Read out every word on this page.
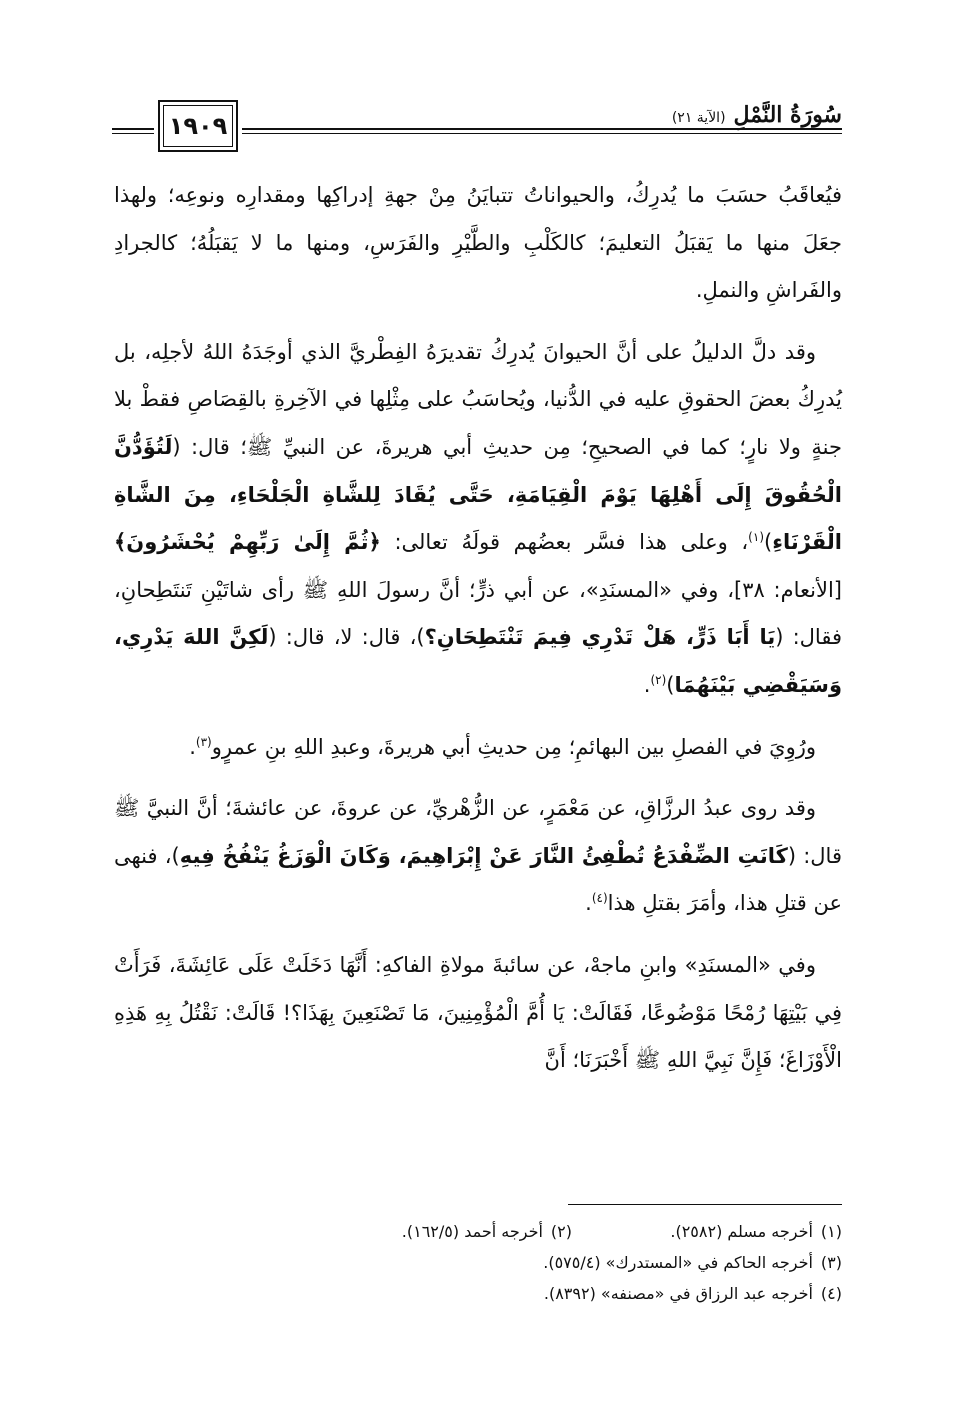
١٩٠٩	سُورَةُ النَّمْلِ
(الآية ٢١)

فيُعاقَبُ حسَبَ ما يُدرِكُ، والحيواناتُ تتبايَنُ مِنْ جهةِ إدراكِها ومقدارِه ونوعِه؛ ولهذا جعَلَ منها ما يَقبَلُ التعليمَ؛ كالكَلْبِ والطَّيْرِ والفَرَسِ، ومنها ما لا يَقبَلُهُ؛ كالجرادِ والفَراشِ والنملِ.

وقد دلَّ الدليلُ على أنَّ الحيوانَ يُدرِكُ تقديرَهُ الفِطْريَّ الذي أوجَدَهُ اللهُ لأجلِه، بل يُدرِكُ بعضَ الحقوقِ عليه في الدُّنيا، ويُحاسَبُ على مِثْلِها في الآخِرةِ بالقِصَاصِ فقطْ بلا جنةٍ ولا نارٍ؛ كما في الصحيحِ؛ مِن حديثِ أبي هريرةَ، عن النبيِّ ﷺ؛ قال: (لَتُؤَدُّنَّ الْحُقُوقَ إِلَى أَهْلِهَا يَوْمَ الْقِيَامَةِ، حَتَّى يُقَادَ لِلشَّاةِ الْجَلْحَاءِ، مِنَ الشَّاةِ الْقَرْنَاءِ)$^{(١)}$، وعلى هذا فسَّر بعضُهم قولَهُ تعالى: ﴿ثُمَّ إِلَىٰ رَبِّهِمْ يُحْشَرُونَ﴾ [الأنعام: ٣٨]، وفي «المسنَدِ»، عن أبي ذرٍّ؛ أنَّ رسولَ اللهِ ﷺ رأى شاتَيْنِ تَنتَطِحانِ، فقال: (يَا أَبَا ذَرٍّ، هَلْ تَدْرِي فِيمَ تَنْتَطِحَانِ؟)، قال: لا، قال: (لَكِنَّ اللهَ يَدْرِي، وَسَيَقْضِي بَيْنَهُمَا)$^{(٢)}$.

ورُوِيَ في الفصلِ بين البهائمِ؛ مِن حديثِ أبي هريرةَ، وعبدِ اللهِ بنِ عمرٍو$^{(٣)}$.

وقد روى عبدُ الرزَّاقِ، عن مَعْمَرٍ، عن الزُّهْريِّ، عن عروةَ، عن عائشةَ؛ أنَّ النبيَّ ﷺ قال: (كَانَتِ الضِّفْدَعُ تُطْفِئُ النَّارَ عَنْ إِبْرَاهِيمَ، وَكَانَ الْوَزَغُ يَنْفُخُ فِيهِ)، فنهى عن قتلِ هذا، وأمَرَ بقتلِ هذا$^{(٤)}$.

وفي «المسنَدِ» وابنِ ماجهْ، عن سائبةَ مولاةِ الفاكهِ: أَنَّهَا دَخَلَتْ عَلَى عَائِشَةَ، فَرَأَتْ فِي بَيْتِهَا رُمْحًا مَوْضُوعًا، فَقَالَتْ: يَا أُمَّ الْمُؤْمِنِينَ، مَا تَصْنَعِينَ بِهَذَا؟! قَالَتْ: نَقْتُلُ بِهِ هَذِهِ الْأَوْزَاغَ؛ فَإِنَّ نَبِيَّ اللهِ ﷺ أَخْبَرَنَا؛ أَنَّ

(١)أخرجه مسلم (٢٥٨٢).
(٢)أخرجه أحمد (١٦٢/٥).
(٣)أخرجه الحاكم في «المستدرك» (٥٧٥/٤).
(٤)أخرجه عبد الرزاق في «مصنفه» (٨٣٩٢).
